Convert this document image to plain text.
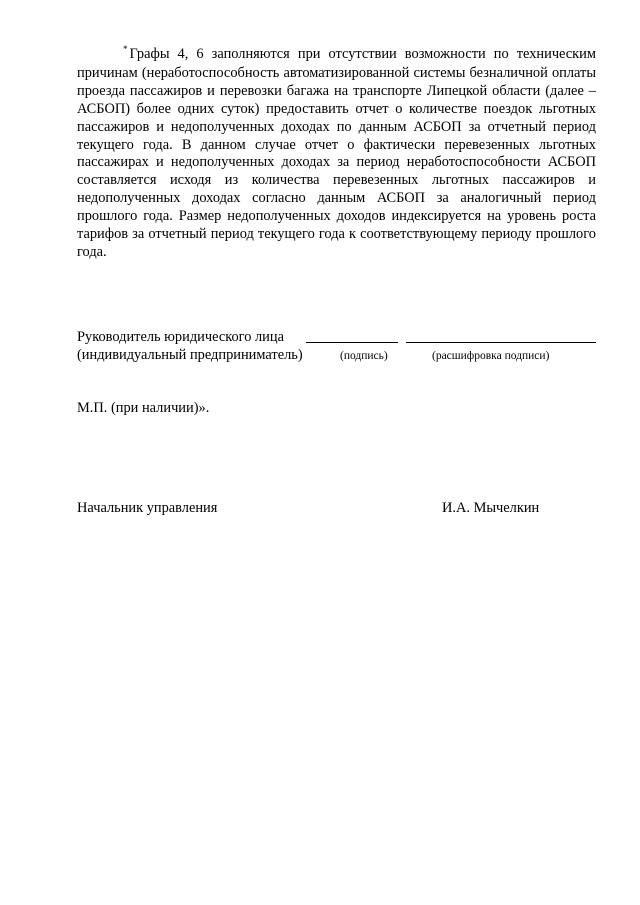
* Графы 4, 6 заполняются при отсутствии возможности по техническим причинам (неработоспособность автоматизированной системы безналичной оплаты проезда пассажиров и перевозки багажа на транспорте Липецкой области (далее – АСБОП) более одних суток) предоставить отчет о количестве поездок льготных пассажиров и недополученных доходах по данным АСБОП за отчетный период текущего года. В данном случае отчет о фактически перевезенных льготных пассажирах и недополученных доходах за период неработоспособности АСБОП составляется исходя из количества перевезенных льготных пассажиров и недополученных доходах согласно данным АСБОП за аналогичный период прошлого года. Размер недополученных доходов индексируется на уровень роста тарифов за отчетный период текущего года к соответствующему периоду прошлого года.
Руководитель юридического лица
(индивидуальный предприниматель)	(подпись)	(расшифровка подписи)
М.П. (при наличии)».
Начальник управления	И.А. Мычелкин
